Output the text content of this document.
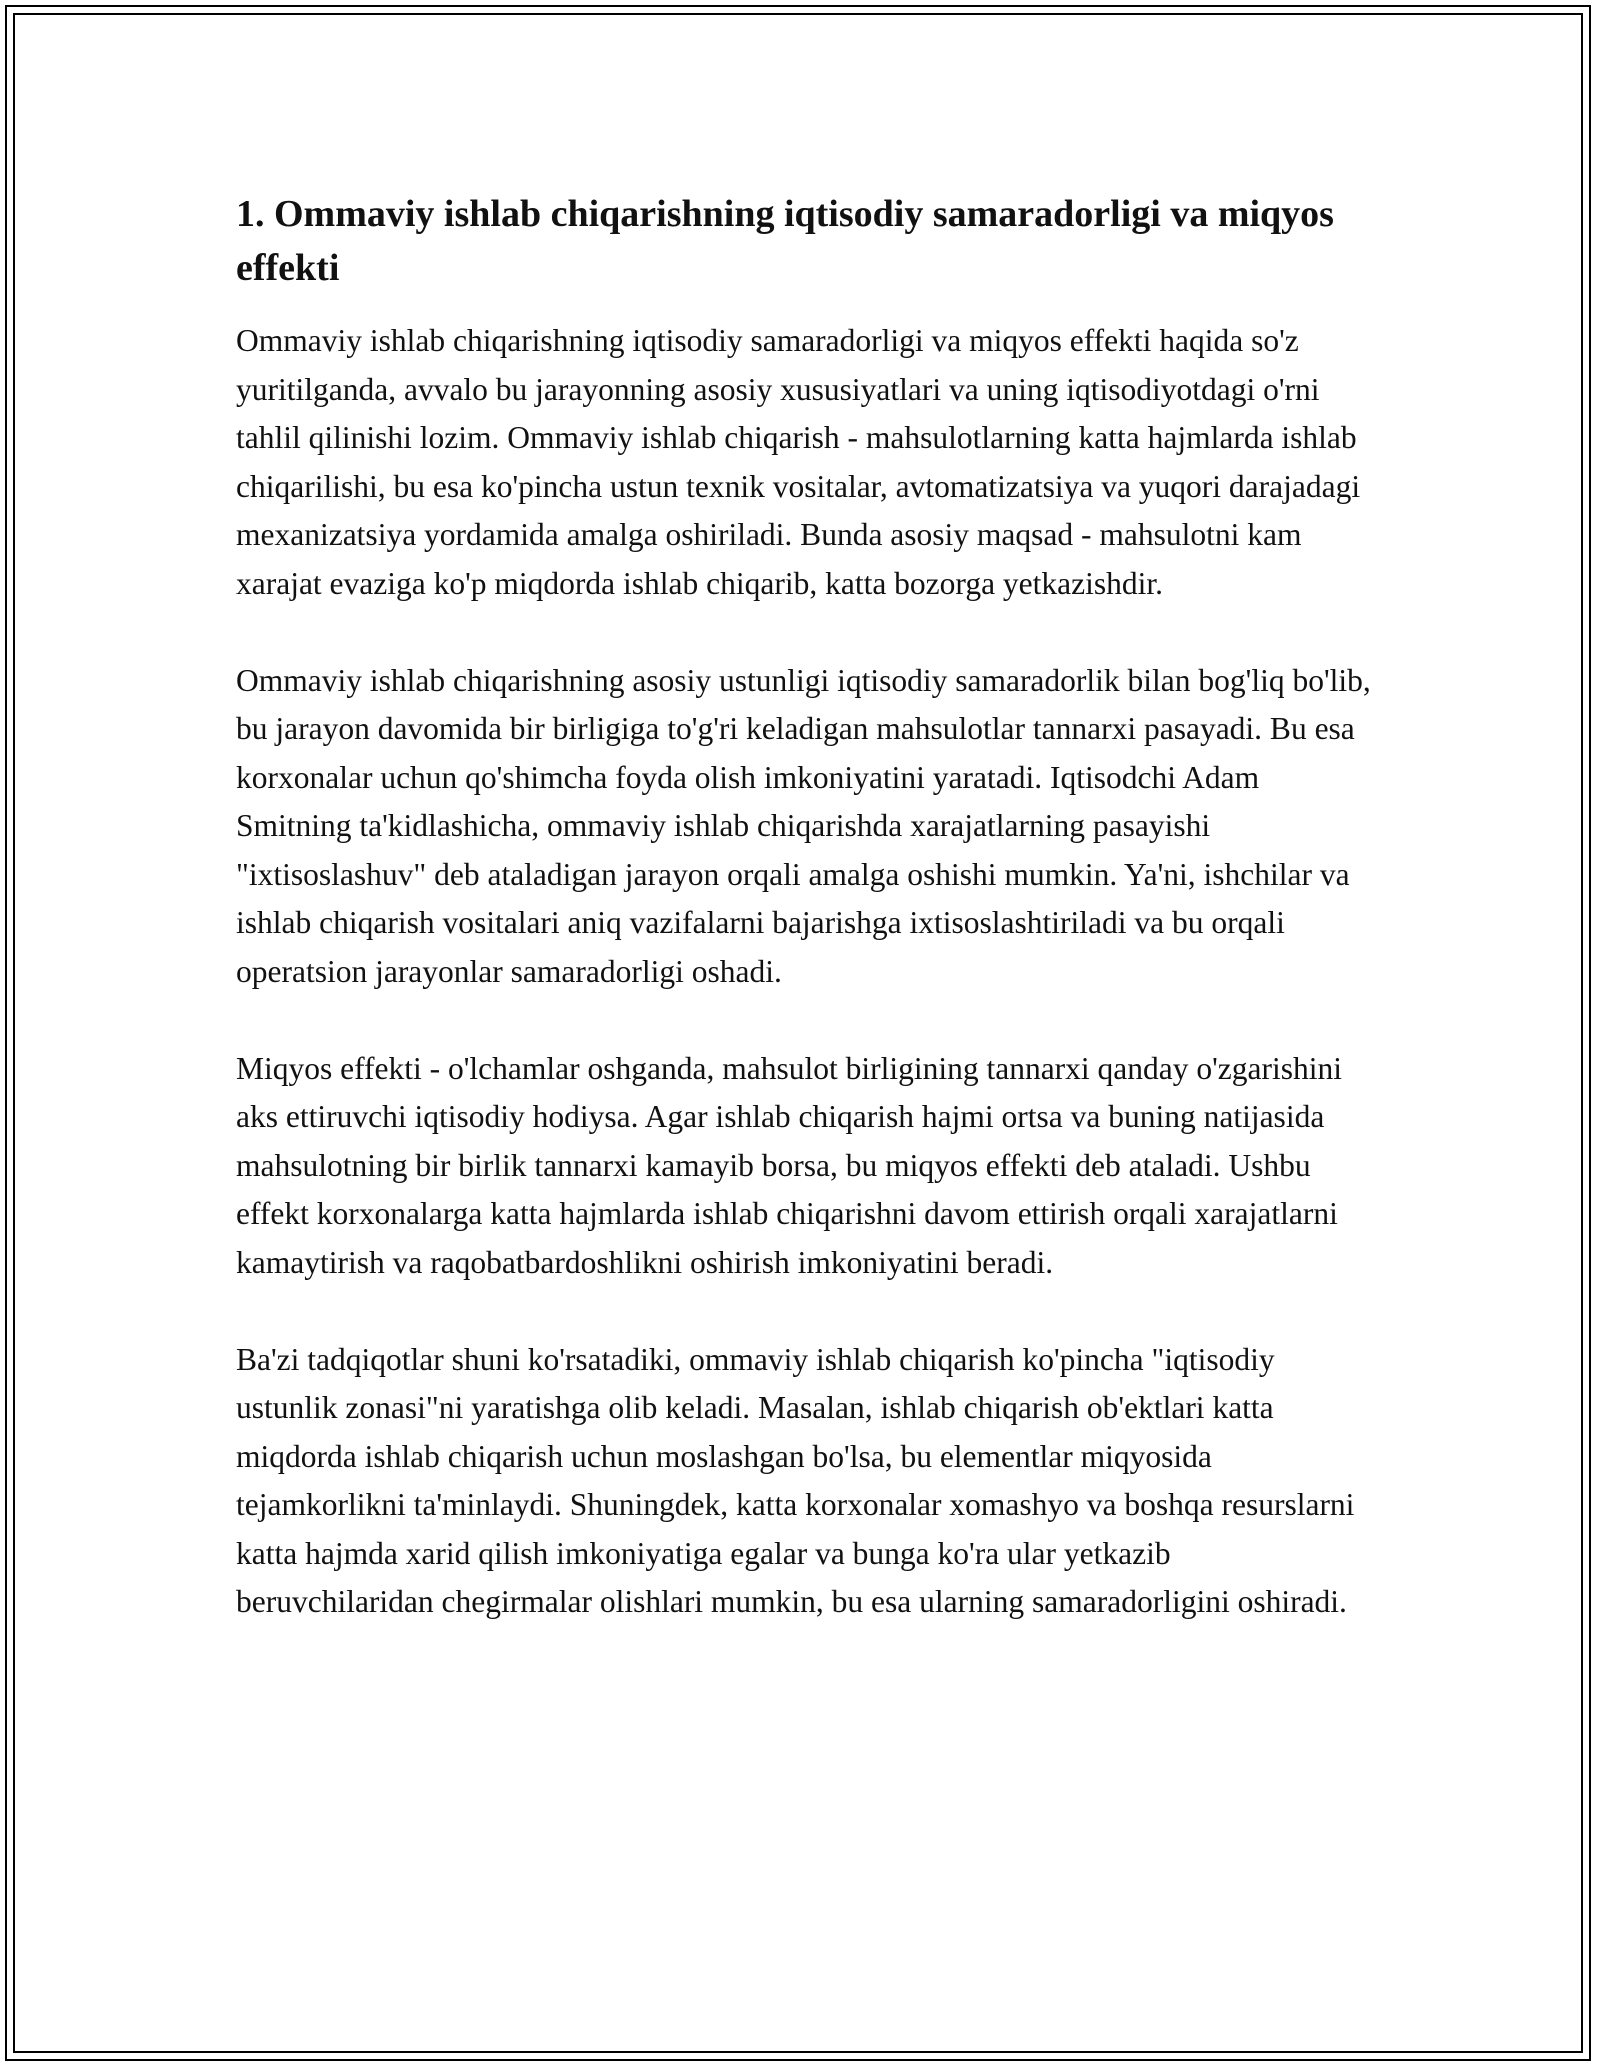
1. Ommaviy ishlab chiqarishning iqtisodiy samaradorligi va miqyos effekti

Ommaviy ishlab chiqarishning iqtisodiy samaradorligi va miqyos effekti haqida so'z yuritilganda, avvalo bu jarayonning asosiy xususiyatlari va uning iqtisodiyotdagi o'rni tahlil qilinishi lozim. Ommaviy ishlab chiqarish - mahsulotlarning katta hajmlarda ishlab chiqarilishi, bu esa ko'pincha ustun texnik vositalar, avtomatizatsiya va yuqori darajadagi mexanizatsiya yordamida amalga oshiriladi. Bunda asosiy maqsad - mahsulotni kam xarajat evaziga ko'p miqdorda ishlab chiqarib, katta bozorga yetkazishdir.

Ommaviy ishlab chiqarishning asosiy ustunligi iqtisodiy samaradorlik bilan bog'liq bo'lib, bu jarayon davomida bir birligiga to'g'ri keladigan mahsulotlar tannarxi pasayadi. Bu esa korxonalar uchun qo'shimcha foyda olish imkoniyatini yaratadi. Iqtisodchi Adam Smitning ta'kidlashicha, ommaviy ishlab chiqarishda xarajatlarning pasayishi "ixtisoslashuv" deb ataladigan jarayon orqali amalga oshishi mumkin. Ya'ni, ishchilar va ishlab chiqarish vositalari aniq vazifalarni bajarishga ixtisoslashtiriladi va bu orqali operatsion jarayonlar samaradorligi oshadi.

Miqyos effekti - o'lchamlar oshganda, mahsulot birligining tannarxi qanday o'zgarishini aks ettiruvchi iqtisodiy hodiysa. Agar ishlab chiqarish hajmi ortsa va buning natijasida mahsulotning bir birlik tannarxi kamayib borsa, bu miqyos effekti deb ataladi. Ushbu effekt korxonalarga katta hajmlarda ishlab chiqarishni davom ettirish orqali xarajatlarni kamaytirish va raqobatbardoshlikni oshirish imkoniyatini beradi.

Ba'zi tadqiqotlar shuni ko'rsatadiki, ommaviy ishlab chiqarish ko'pincha "iqtisodiy ustunlik zonasi"ni yaratishga olib keladi. Masalan, ishlab chiqarish ob'ektlari katta miqdorda ishlab chiqarish uchun moslashgan bo'lsa, bu elementlar miqyosida tejamkorlikni ta'minlaydi. Shuningdek, katta korxonalar xomashyo va boshqa resurslarni katta hajmda xarid qilish imkoniyatiga egalar va bunga ko'ra ular yetkazib beruvchilaridan chegirmalar olishlari mumkin, bu esa ularning samaradorligini oshiradi.
